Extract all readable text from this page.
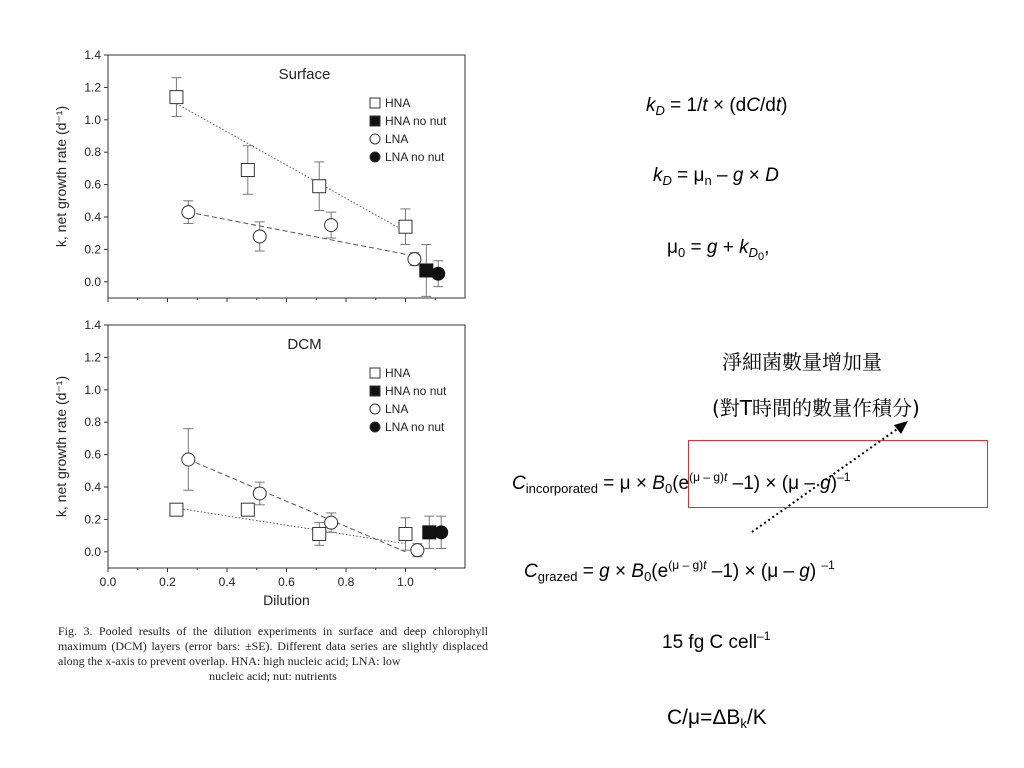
0.0
0.2
0.4
0.6
0.8
1.0
1.2
1.4
k, net growth rate (d⁻¹)
Surface
HNA
HNA no nut
LNA
LNA no nut
0.0
0.2
0.4
0.6
0.8
1.0
1.2
1.4
0.0	0.2	0.4	0.6	0.8	1.0
Dilution
k, net growth rate (d⁻¹)
DCM
HNA
HNA no nut
LNA
LNA no nut
Fig. 3. Pooled results of the dilution experiments in surface and deep chlorophyll maximum (DCM) layers (error bars: ±SE). Different data series are slightly displaced along the x-axis to prevent overlap. HNA: high nucleic acid; LNA: low
nucleic acid; nut: nutrients
$k_D = 1/t \times (dC/dt)$
$k_D = \mu_n - g \times D$
$\mu_0 = g + k_{D_0}$,
淨細菌數量增加量
(對T時間的數量作積分)
$C_{incorporated} = \mu \times B_0(e^{(\mu - g)t}$ –1) × (μ – g)$^{-1}$
$C_{grazed} = g \times B_0(e^{(\mu - g)t}$ –1) × (μ – g) $^{-1}$
15 fg C cell$^{-1}$
$C/\mu=\Delta B_k/K$
